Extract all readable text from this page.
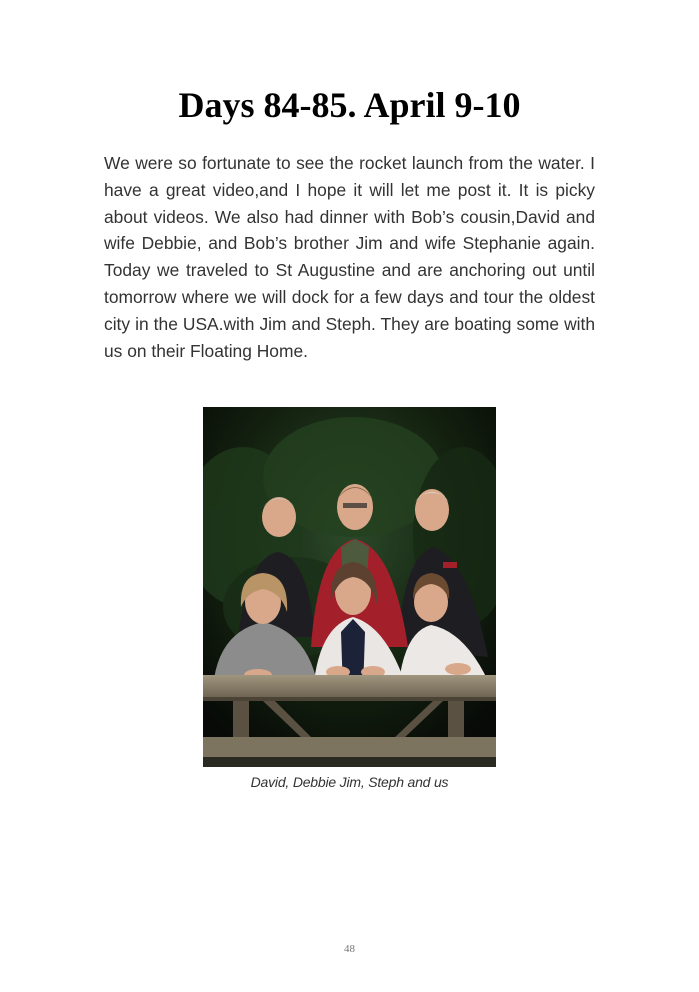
Days 84-85. April 9-10

We were so fortunate to see the rocket launch from the water. I have a great video,and I hope it will let me post it. It is picky about videos. We also had dinner with Bob’s cousin,David and wife Debbie, and Bob’s brother Jim and wife Stephanie again. Today we traveled to St Augustine and are anchoring out until tomorrow where we will dock for a few days and tour the oldest city in the USA.with Jim and Steph. They are boating some with us on their Floating Home.

David, Debbie Jim, Steph and us
48
